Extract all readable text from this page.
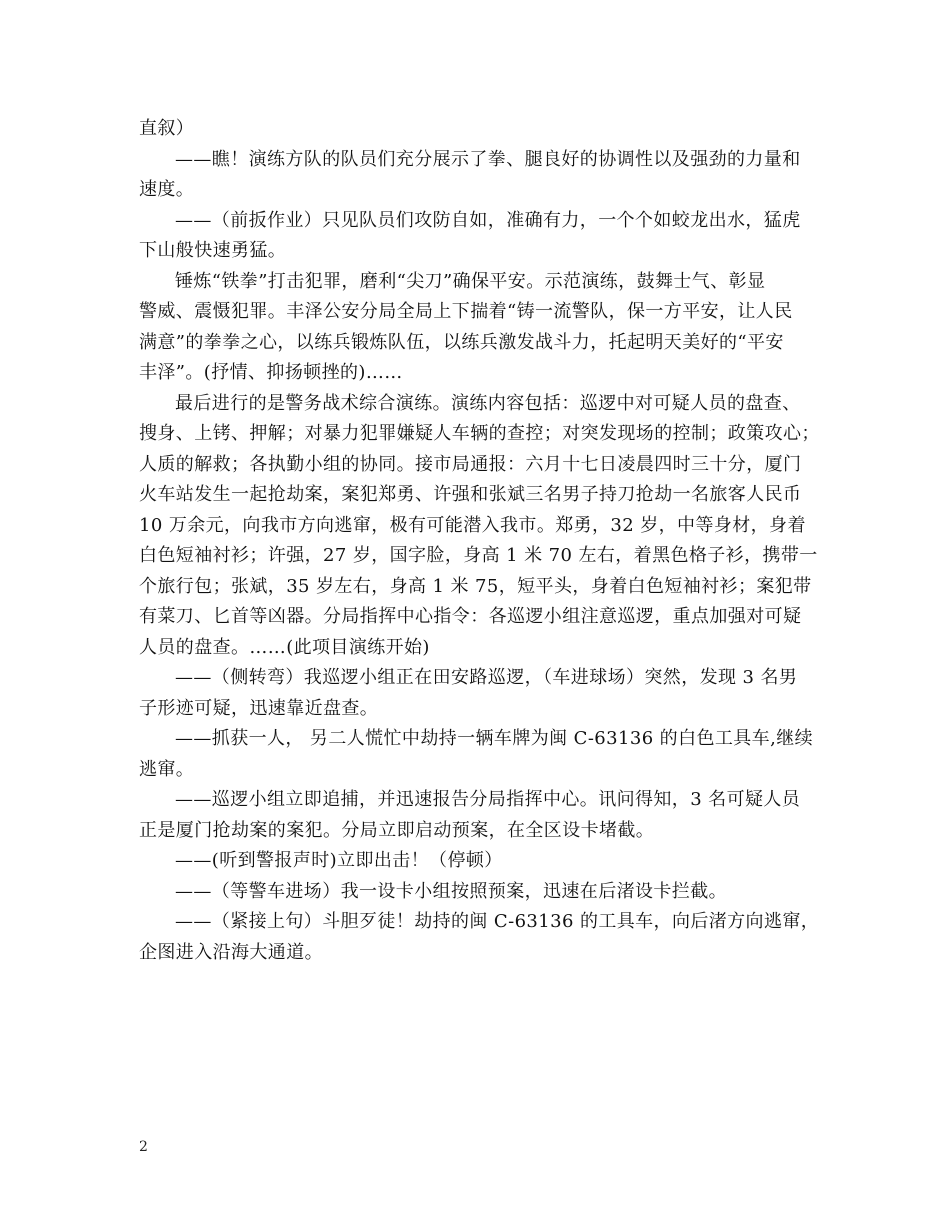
直叙）
——瞧！演练方队的队员们充分展示了拳、腿良好的协调性以及强劲的力量和
速度。
——（前扳作业）只见队员们攻防自如，准确有力，一个个如蛟龙出水，猛虎
下山般快速勇猛。
锤炼“铁拳”打击犯罪，磨利“尖刀”确保平安。示范演练，鼓舞士气、彰显
警威、震慑犯罪。丰泽公安分局全局上下揣着“铸一流警队，保一方平安，让人民
满意”的拳拳之心，以练兵锻炼队伍，以练兵激发战斗力，托起明天美好的“平安
丰泽”。(抒情、抑扬顿挫的)……
最后进行的是警务战术综合演练。演练内容包括：巡逻中对可疑人员的盘查、
搜身、上铐、押解；对暴力犯罪嫌疑人车辆的查控；对突发现场的控制；政策攻心；
人质的解救；各执勤小组的协同。接市局通报：六月十七日凌晨四时三十分，厦门
火车站发生一起抢劫案，案犯郑勇、许强和张斌三名男子持刀抢劫一名旅客人民币
10 万余元，向我市方向逃窜，极有可能潜入我市。郑勇，32 岁，中等身材，身着
白色短袖衬衫；许强，27 岁，国字脸，身高 1 米 70 左右，着黑色格子衫，携带一
个旅行包；张斌，35 岁左右，身高 1 米 75，短平头，身着白色短袖衬衫；案犯带
有菜刀、匕首等凶器。分局指挥中心指令：各巡逻小组注意巡逻，重点加强对可疑
人员的盘查。……(此项目演练开始)
——（侧转弯）我巡逻小组正在田安路巡逻，（车进球场）突然，发现 3 名男
子形迹可疑，迅速靠近盘查。
——抓获一人， 另二人慌忙中劫持一辆车牌为闽 C-63136 的白色工具车,继续
逃窜。
——巡逻小组立即追捕，并迅速报告分局指挥中心。讯问得知，3 名可疑人员
正是厦门抢劫案的案犯。分局立即启动预案，在全区设卡堵截。
——(听到警报声时)立即出击！（停顿）
——（等警车进场）我一设卡小组按照预案，迅速在后渚设卡拦截。
——（紧接上句）斗胆歹徒！劫持的闽 C-63136 的工具车，向后渚方向逃窜，
企图进入沿海大通道。
2
